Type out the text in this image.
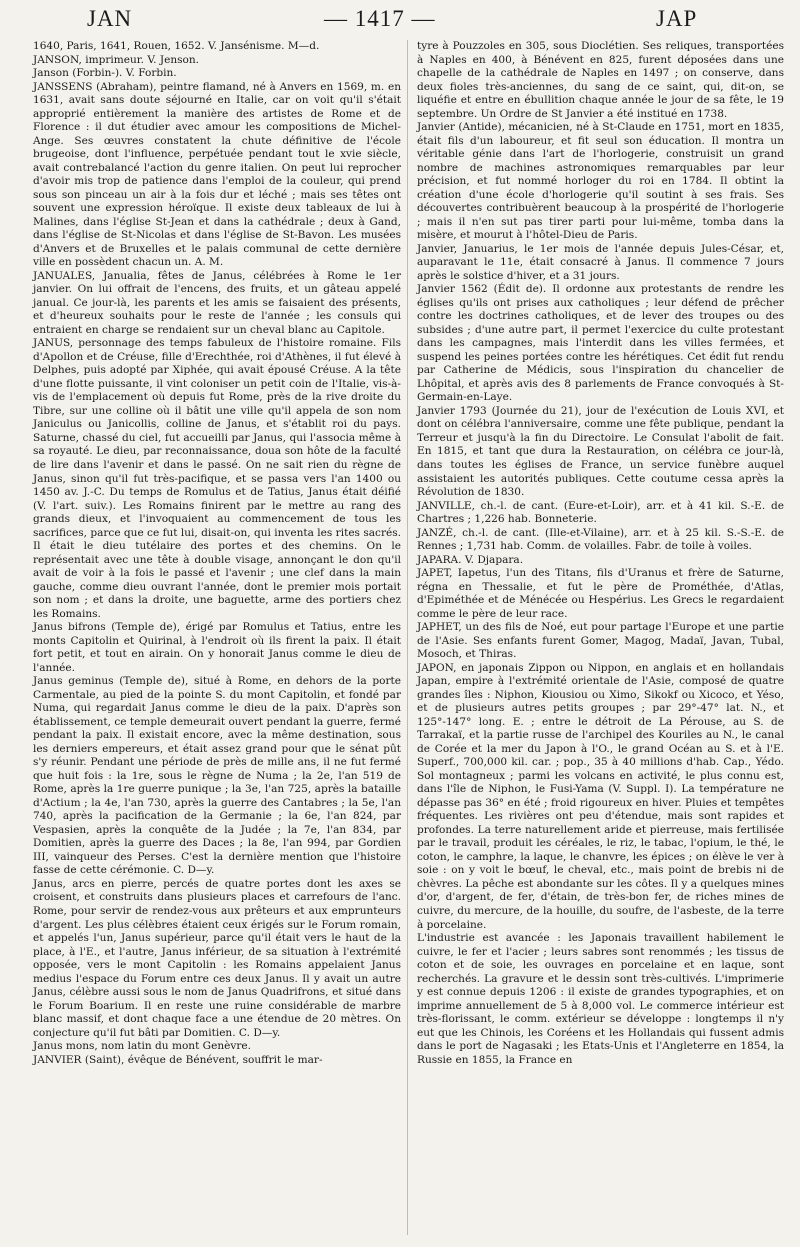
JAN	— 1417 —	JAP

1640, Paris, 1641, Rouen, 1652. V. Jansénisme. M—d.

JANSON, imprimeur. V. Jenson.

Janson (Forbin-). V. Forbin.

JANSSENS (Abraham), peintre flamand, né à Anvers en 1569, m. en 1631, avait sans doute séjourné en Italie, car on voit qu'il s'était approprié entièrement la manière des artistes de Rome et de Florence : il dut étudier avec amour les compositions de Michel-Ange. Ses œuvres constatent la chute définitive de l'école brugeoise, dont l'influence, perpétuée pendant tout le xvie siècle, avait contrebalancé l'action du genre italien. On peut lui reprocher d'avoir mis trop de patience dans l'emploi de la couleur, qui prend sous son pinceau un air à la fois dur et léché ; mais ses têtes ont souvent une expression héroïque. Il existe deux tableaux de lui à Malines, dans l'église St-Jean et dans la cathédrale ; deux à Gand, dans l'église de St-Nicolas et dans l'église de St-Bavon. Les musées d'Anvers et de Bruxelles et le palais communal de cette dernière ville en possèdent chacun un. A. M.

JANUALES, Janualia, fêtes de Janus, célébrées à Rome le 1er janvier. On lui offrait de l'encens, des fruits, et un gâteau appelé janual. Ce jour-là, les parents et les amis se faisaient des présents, et d'heureux souhaits pour le reste de l'année ; les consuls qui entraient en charge se rendaient sur un cheval blanc au Capitole.

JANUS, personnage des temps fabuleux de l'histoire romaine. Fils d'Apollon et de Créuse, fille d'Erechthée, roi d'Athènes, il fut élevé à Delphes, puis adopté par Xiphée, qui avait épousé Créuse. A la tête d'une flotte puissante, il vint coloniser un petit coin de l'Italie, vis-à-vis de l'emplacement où depuis fut Rome, près de la rive droite du Tibre, sur une colline où il bâtit une ville qu'il appela de son nom Janiculus ou Janicollis, colline de Janus, et s'établit roi du pays. Saturne, chassé du ciel, fut accueilli par Janus, qui l'associa même à sa royauté. Le dieu, par reconnaissance, doua son hôte de la faculté de lire dans l'avenir et dans le passé. On ne sait rien du règne de Janus, sinon qu'il fut très-pacifique, et se passa vers l'an 1400 ou 1450 av. J.-C. Du temps de Romulus et de Tatius, Janus était déifié (V. l'art. suiv.). Les Romains finirent par le mettre au rang des grands dieux, et l'invoquaient au commencement de tous les sacrifices, parce que ce fut lui, disait-on, qui inventa les rites sacrés. Il était le dieu tutélaire des portes et des chemins. On le représentait avec une tête à double visage, annonçant le don qu'il avait de voir à la fois le passé et l'avenir ; une clef dans la main gauche, comme dieu ouvrant l'année, dont le premier mois portait son nom ; et dans la droite, une baguette, arme des portiers chez les Romains.

Janus bifrons (Temple de), érigé par Romulus et Tatius, entre les monts Capitolin et Quirinal, à l'endroit où ils firent la paix. Il était fort petit, et tout en airain. On y honorait Janus comme le dieu de l'année.

Janus geminus (Temple de), situé à Rome, en dehors de la porte Carmentale, au pied de la pointe S. du mont Capitolin, et fondé par Numa, qui regardait Janus comme le dieu de la paix. D'après son établissement, ce temple demeurait ouvert pendant la guerre, fermé pendant la paix. Il existait encore, avec la même destination, sous les derniers empereurs, et était assez grand pour que le sénat pût s'y réunir. Pendant une période de près de mille ans, il ne fut fermé que huit fois : la 1re, sous le règne de Numa ; la 2e, l'an 519 de Rome, après la 1re guerre punique ; la 3e, l'an 725, après la bataille d'Actium ; la 4e, l'an 730, après la guerre des Cantabres ; la 5e, l'an 740, après la pacification de la Germanie ; la 6e, l'an 824, par Vespasien, après la conquête de la Judée ; la 7e, l'an 834, par Domitien, après la guerre des Daces ; la 8e, l'an 994, par Gordien III, vainqueur des Perses. C'est la dernière mention que l'histoire fasse de cette cérémonie. C. D—y.

Janus, arcs en pierre, percés de quatre portes dont les axes se croisent, et construits dans plusieurs places et carrefours de l'anc. Rome, pour servir de rendez-vous aux prêteurs et aux emprunteurs d'argent. Les plus célèbres étaient ceux érigés sur le Forum romain, et appelés l'un, Janus supérieur, parce qu'il était vers le haut de la place, à l'E., et l'autre, Janus inférieur, de sa situation à l'extrémité opposée, vers le mont Capitolin : les Romains appelaient Janus medius l'espace du Forum entre ces deux Janus. Il y avait un autre Janus, célèbre aussi sous le nom de Janus Quadrifrons, et situé dans le Forum Boarium. Il en reste une ruine considérable de marbre blanc massif, et dont chaque face a une étendue de 20 mètres. On conjecture qu'il fut bâti par Domitien. C. D—y.

Janus mons, nom latin du mont Genèvre.

JANVIER (Saint), évêque de Bénévent, souffrit le mar-

tyre à Pouzzoles en 305, sous Dioclétien. Ses reliques, transportées à Naples en 400, à Bénévent en 825, furent déposées dans une chapelle de la cathédrale de Naples en 1497 ; on conserve, dans deux fioles très-anciennes, du sang de ce saint, qui, dit-on, se liquéfie et entre en ébullition chaque année le jour de sa fête, le 19 septembre. Un Ordre de St Janvier a été institué en 1738.

Janvier (Antide), mécanicien, né à St-Claude en 1751, mort en 1835, était fils d'un laboureur, et fit seul son éducation. Il montra un véritable génie dans l'art de l'horlogerie, construisit un grand nombre de machines astronomiques remarquables par leur précision, et fut nommé horloger du roi en 1784. Il obtint la création d'une école d'horlogerie qu'il soutint à ses frais. Ses découvertes contribuèrent beaucoup à la prospérité de l'horlogerie ; mais il n'en sut pas tirer parti pour lui-même, tomba dans la misère, et mourut à l'hôtel-Dieu de Paris.

Janvier, Januarius, le 1er mois de l'année depuis Jules-César, et, auparavant le 11e, était consacré à Janus. Il commence 7 jours après le solstice d'hiver, et a 31 jours.

Janvier 1562 (Édit de). Il ordonne aux protestants de rendre les églises qu'ils ont prises aux catholiques ; leur défend de prêcher contre les doctrines catholiques, et de lever des troupes ou des subsides ; d'une autre part, il permet l'exercice du culte protestant dans les campagnes, mais l'interdit dans les villes fermées, et suspend les peines portées contre les hérétiques. Cet édit fut rendu par Catherine de Médicis, sous l'inspiration du chancelier de Lhôpital, et après avis des 8 parlements de France convoqués à St-Germain-en-Laye.

Janvier 1793 (Journée du 21), jour de l'exécution de Louis XVI, et dont on célébra l'anniversaire, comme une fête publique, pendant la Terreur et jusqu'à la fin du Directoire. Le Consulat l'abolit de fait. En 1815, et tant que dura la Restauration, on célébra ce jour-là, dans toutes les églises de France, un service funèbre auquel assistaient les autorités publiques. Cette coutume cessa après la Révolution de 1830.

JANVILLE, ch.-l. de cant. (Eure-et-Loir), arr. et à 41 kil. S.-E. de Chartres ; 1,226 hab. Bonneterie.

JANZÉ, ch.-l. de cant. (Ille-et-Vilaine), arr. et à 25 kil. S.-S.-E. de Rennes ; 1,731 hab. Comm. de volailles. Fabr. de toile à voiles.

JAPARA. V. Djapara.

JAPET, Iapetus, l'un des Titans, fils d'Uranus et frère de Saturne, régna en Thessalie, et fut le père de Prométhée, d'Atlas, d'Epiméthée et de Ménécée ou Hespérius. Les Grecs le regardaient comme le père de leur race.

JAPHET, un des fils de Noé, eut pour partage l'Europe et une partie de l'Asie. Ses enfants furent Gomer, Magog, Madaï, Javan, Tubal, Mosoch, et Thiras.

JAPON, en japonais Zippon ou Nippon, en anglais et en hollandais Japan, empire à l'extrémité orientale de l'Asie, composé de quatre grandes îles : Niphon, Kiousiou ou Ximo, Sikokf ou Xicoco, et Yéso, et de plusieurs autres petits groupes ; par 29°-47° lat. N., et 125°-147° long. E. ; entre le détroit de La Pérouse, au S. de Tarrakaï, et la partie russe de l'archipel des Kouriles au N., le canal de Corée et la mer du Japon à l'O., le grand Océan au S. et à l'E. Superf., 700,000 kil. car. ; pop., 35 à 40 millions d'hab. Cap., Yédo. Sol montagneux ; parmi les volcans en activité, le plus connu est, dans l'île de Niphon, le Fusi-Yama (V. Suppl. I). La température ne dépasse pas 36° en été ; froid rigoureux en hiver. Pluies et tempêtes fréquentes. Les rivières ont peu d'étendue, mais sont rapides et profondes. La terre naturellement aride et pierreuse, mais fertilisée par le travail, produit les céréales, le riz, le tabac, l'opium, le thé, le coton, le camphre, la laque, le chanvre, les épices ; on élève le ver à soie : on y voit le bœuf, le cheval, etc., mais point de brebis ni de chèvres. La pêche est abondante sur les côtes. Il y a quelques mines d'or, d'argent, de fer, d'étain, de très-bon fer, de riches mines de cuivre, du mercure, de la houille, du soufre, de l'asbeste, de la terre à porcelaine.

L'industrie est avancée : les Japonais travaillent habilement le cuivre, le fer et l'acier ; leurs sabres sont renommés ; les tissus de coton et de soie, les ouvrages en porcelaine et en laque, sont recherchés. La gravure et le dessin sont très-cultivés. L'imprimerie y est connue depuis 1206 : il existe de grandes typographies, et on imprime annuellement de 5 à 8,000 vol. Le commerce intérieur est très-florissant, le comm. extérieur se développe : longtemps il n'y eut que les Chinois, les Coréens et les Hollandais qui fussent admis dans le port de Nagasaki ; les Etats-Unis et l'Angleterre en 1854, la Russie en 1855, la France en
